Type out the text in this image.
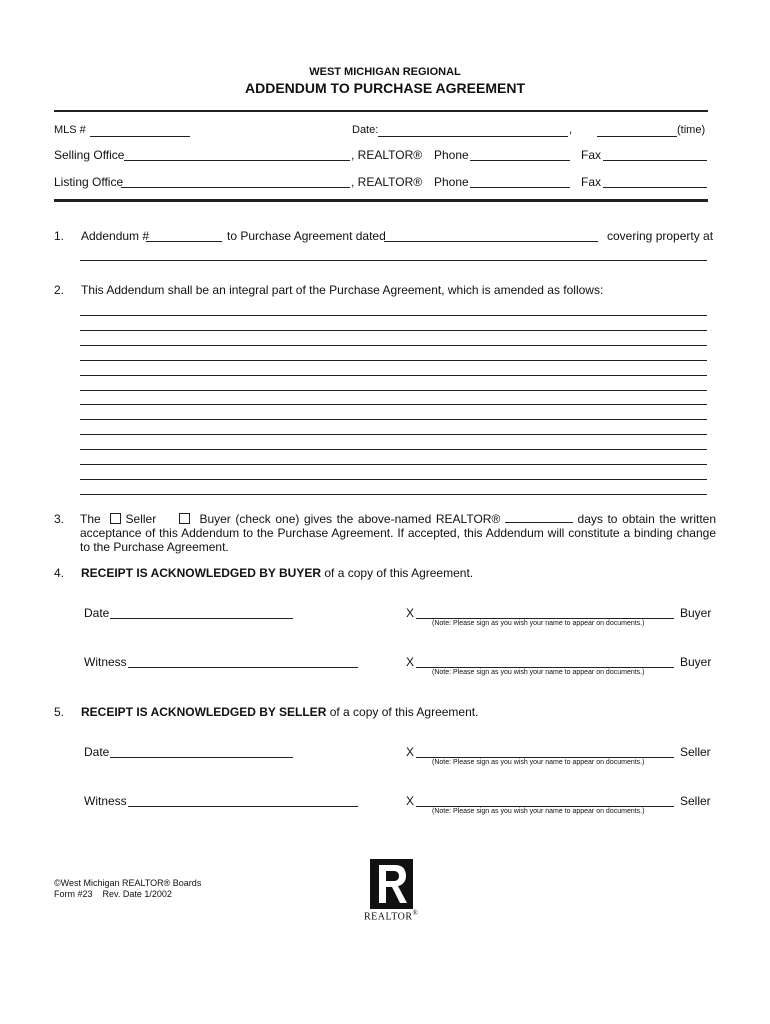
WEST MICHIGAN REGIONAL
ADDENDUM TO PURCHASE AGREEMENT
MLS #	Date:	,	(time)
Selling Office	, REALTOR® Phone	Fax
Listing Office	, REALTOR® Phone	Fax
1. Addendum #	to Purchase Agreement dated	covering property at
2. This Addendum shall be an integral part of the Purchase Agreement, which is amended as follows:
3. The Seller	Buyer (check one) gives the above-named REALTOR®	days to obtain the written acceptance of this Addendum to the Purchase Agreement. If accepted, this Addendum will constitute a binding change to the Purchase Agreement.
4. RECEIPT IS ACKNOWLEDGED BY BUYER of a copy of this Agreement.
Date	X	Buyer
(Note: Please sign as you wish your name to appear on documents.)
Witness	X	Buyer
(Note: Please sign as you wish your name to appear on documents.)
5. RECEIPT IS ACKNOWLEDGED BY SELLER of a copy of this Agreement.
Date	X	Seller
(Note: Please sign as you wish your name to appear on documents.)
Witness	X	Seller
(Note: Please sign as you wish your name to appear on documents.)
©West Michigan REALTOR® Boards
Form #23    Rev. Date 1/2002
REALTOR®
